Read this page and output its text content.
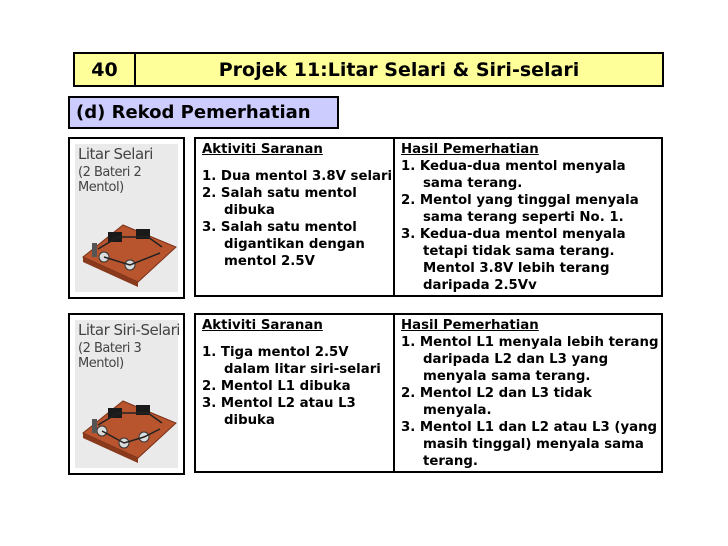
40	Projek 11:Litar Selari & Siri-selari
(d) Rekod Pemerhatian
Litar Selari
(2 Bateri 2 Mentol)
Aktiviti Saranan
1. Dua mentol 3.8V selari
2. Salah satu mentol dibuka
3. Salah satu mentol digantikan dengan mentol 2.5V
Hasil Pemerhatian
1. Kedua-dua mentol menyala sama terang.
2. Mentol yang tinggal menyala sama terang seperti No. 1.
3. Kedua-dua mentol menyala tetapi tidak sama terang. Mentol 3.8V lebih terang daripada 2.5Vv
Litar Siri-Selari
(2 Bateri 3 Mentol)
Aktiviti Saranan
1. Tiga mentol 2.5V dalam litar siri-selari
2. Mentol L1 dibuka
3. Mentol L2 atau L3 dibuka
Hasil Pemerhatian
1. Mentol L1 menyala lebih terang daripada L2 dan L3 yang menyala sama terang.
2. Mentol L2 dan L3 tidak menyala.
3. Mentol L1 dan L2 atau L3 (yang masih tinggal) menyala sama terang.
